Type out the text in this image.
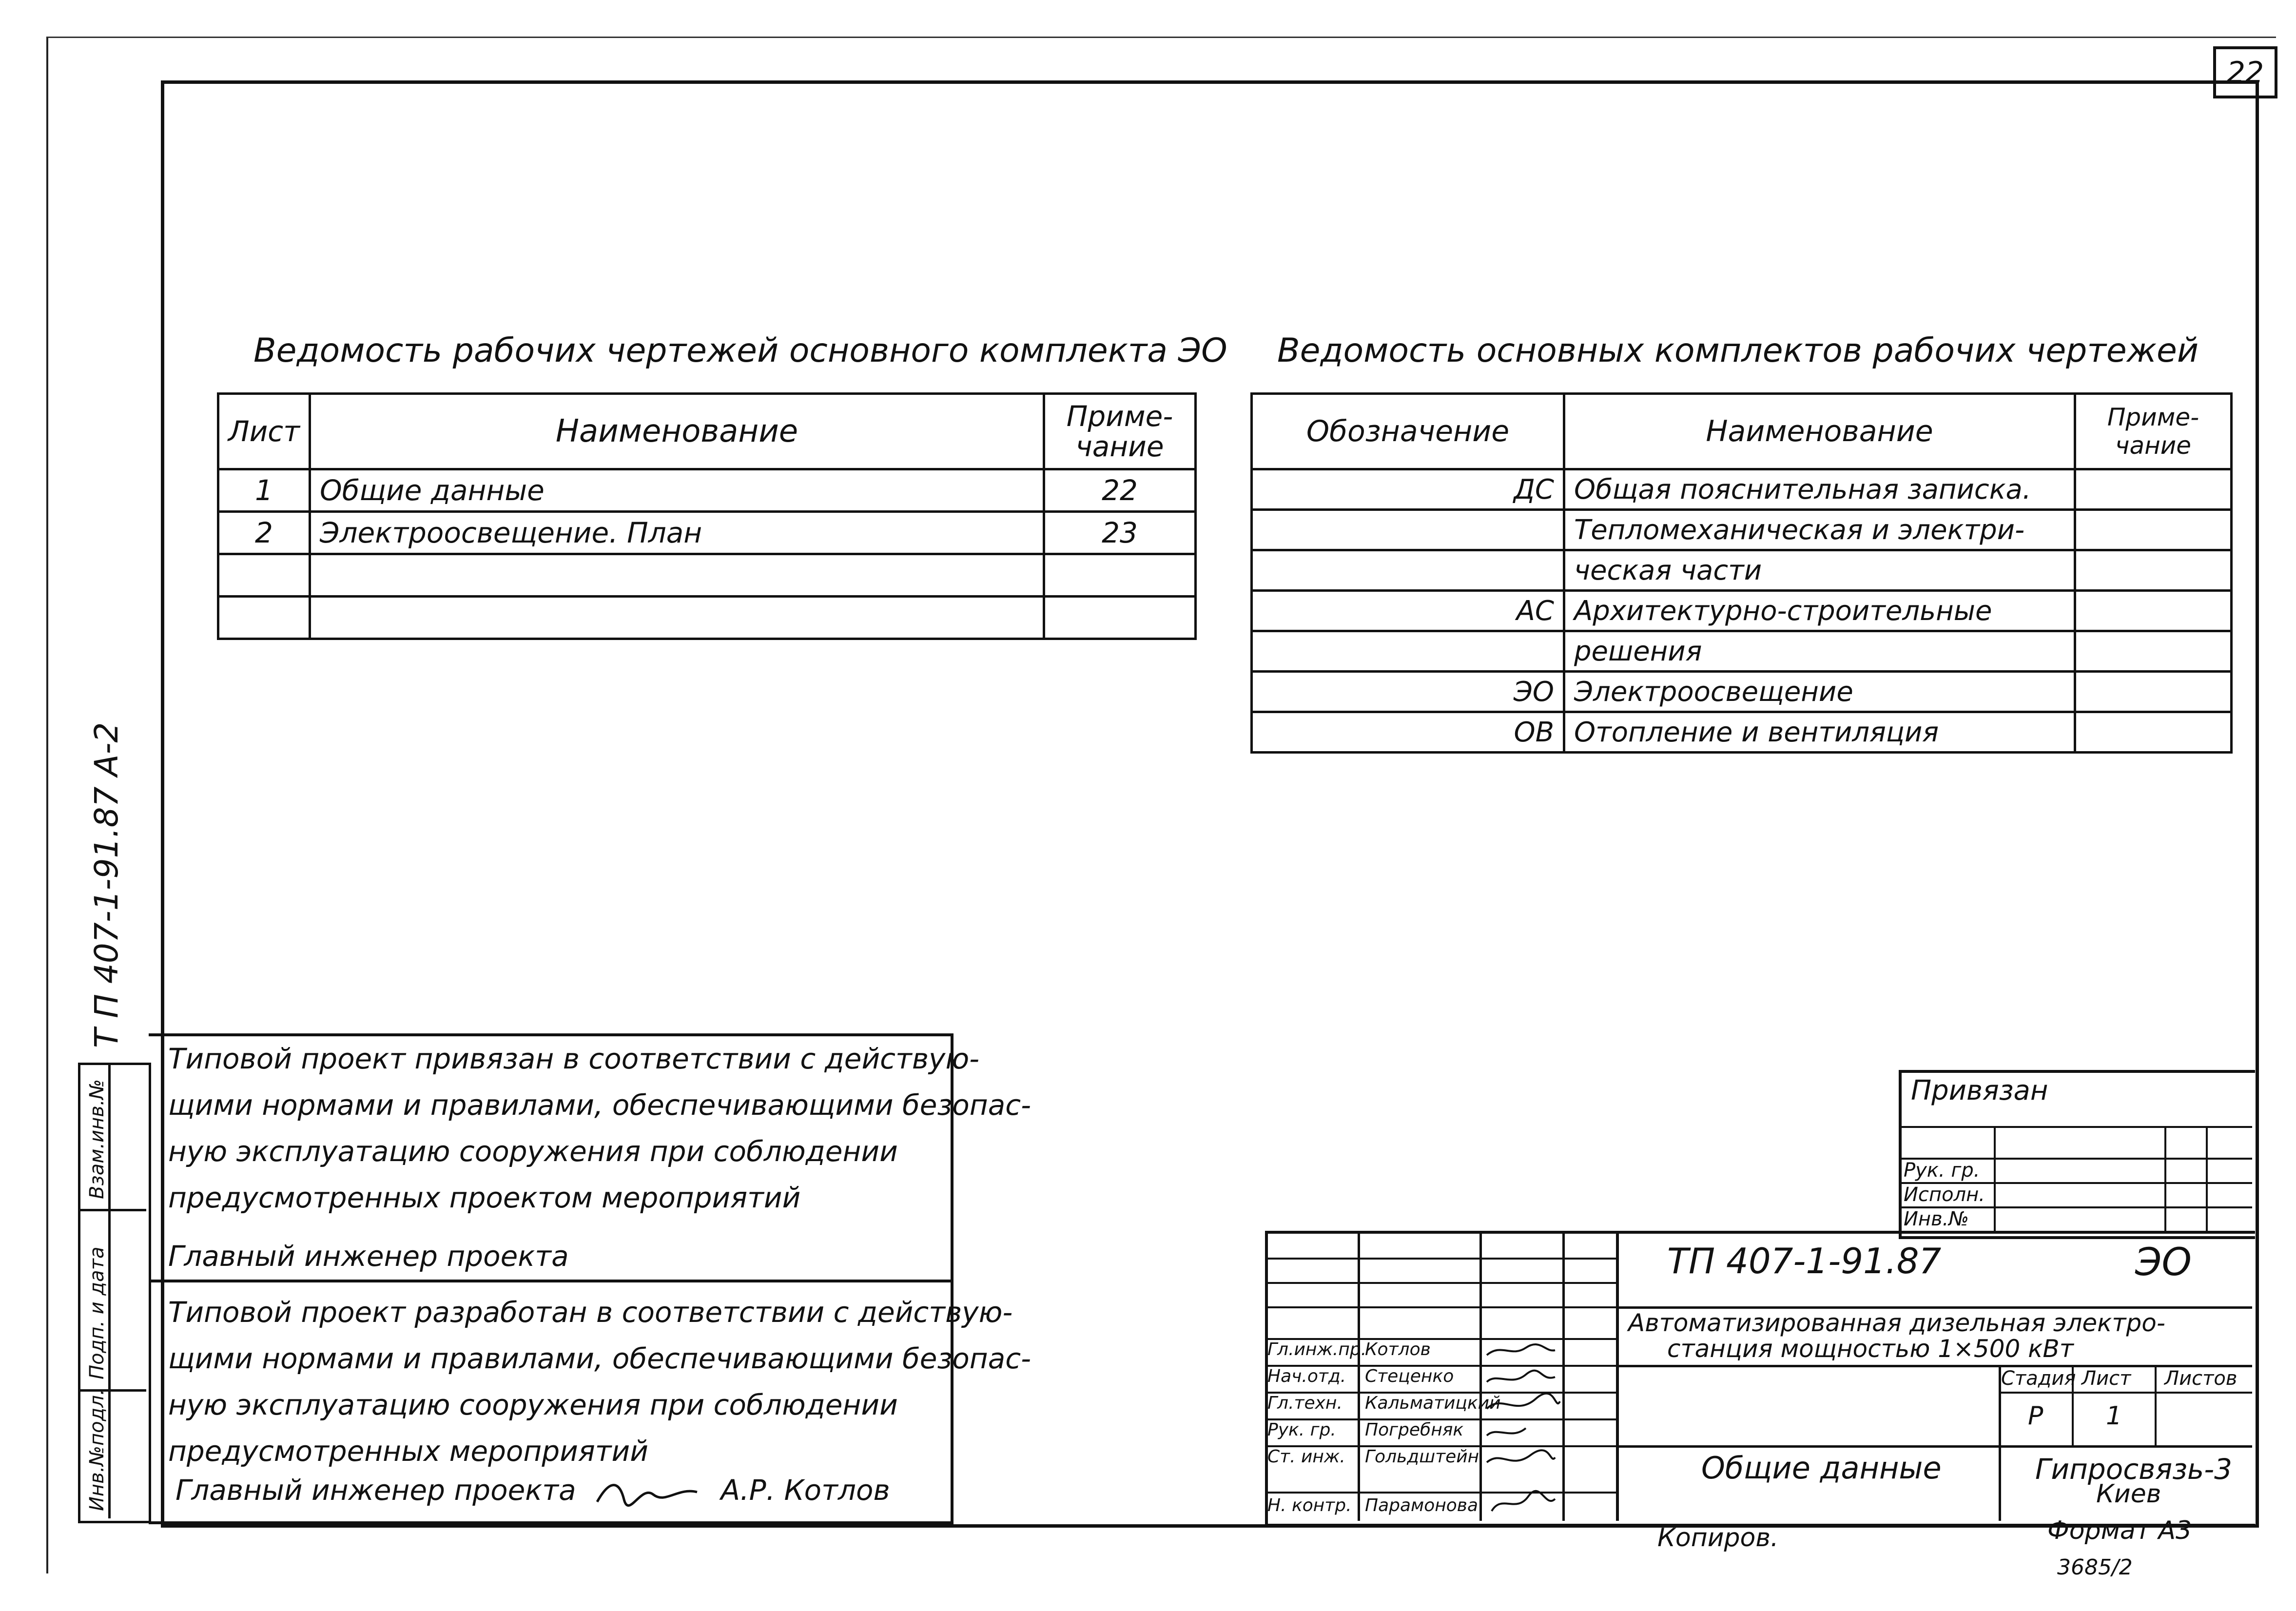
22
Т П 407-1-91.87 А-2
Ведомость рабочих чертежей основного комплекта ЭО
Лист	Наименование	Приме-чание
1	Общие данные	22
2	Электроосвещение. План	23

Ведомость основных комплектов рабочих чертежей
Обозначение	Наименование	Приме-чание
ДС	Общая пояснительная записка.	
	Тепломеханическая и электри-	
	ческая части	
АС	Архитектурно-строительные	
	решения	
ЭО	Электроосвещение	
ОВ	Отопление и вентиляция	
Взам.инв.№
Подп. и дата
Инв.№подл.
Типовой проект привязан в соответствии с действую-
щими нормами и правилами, обеспечивающими безопас-
ную эксплуатацию сооружения при соблюдении
предусмотренных проектом мероприятий
Главный инженер проекта
Типовой проект разработан в соответствии с действую-
щими нормами и правилами, обеспечивающими безопас-
ную эксплуатацию сооружения при соблюдении
предусмотренных мероприятий
Главный инженер проекта	А.Р. Котлов
Привязан
Рук. гр.
Исполн.
Инв.№
Гл.инж.пр.
Котлов
Нач.отд. Стеценко
Гл.техн. Кальматицкий
Рук. гр. Погребняк
Ст. инж. Гольдштейн
Н. контр. Парамонова
ТП 407-1-91.87	ЭО
Автоматизированная дизельная электро-
станция мощностью 1×500 кВт
Стадия Лист Листов
Р 1
Общие данные	Гипросвязь-3
Киев
Копиров.	Формат А3
3685/2
